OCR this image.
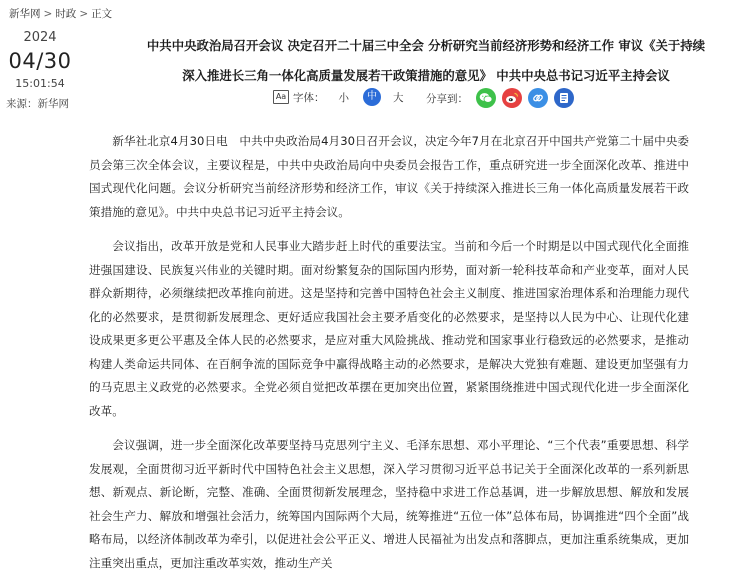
新华网 > 时政 > 正文
2024
04/30
15:01:54
来源：新华网
中共中央政治局召开会议 决定召开二十届三中全会 分析研究当前经济形势和经济工作 审议《关于持续
深入推进长三角一体化高质量发展若干政策措施的意见》 中共中央总书记习近平主持会议
Aa 字体： 小	中	大 分享到：

新华社北京4月30日电　中共中央政治局4月30日召开会议，决定今年7月在北京召开中国共产党第二十届中央委员会第三次全体会议，主要议程是，中共中央政治局向中央委员会报告工作，重点研究进一步全面深化改革、推进中国式现代化问题。会议分析研究当前经济形势和经济工作，审议《关于持续深入推进长三角一体化高质量发展若干政策措施的意见》。中共中央总书记习近平主持会议。

会议指出，改革开放是党和人民事业大踏步赶上时代的重要法宝。当前和今后一个时期是以中国式现代化全面推进强国建设、民族复兴伟业的关键时期。面对纷繁复杂的国际国内形势，面对新一轮科技革命和产业变革，面对人民群众新期待，必须继续把改革推向前进。这是坚持和完善中国特色社会主义制度、推进国家治理体系和治理能力现代化的必然要求，是贯彻新发展理念、更好适应我国社会主要矛盾变化的必然要求，是坚持以人民为中心、让现代化建设成果更多更公平惠及全体人民的必然要求，是应对重大风险挑战、推动党和国家事业行稳致远的必然要求，是推动构建人类命运共同体、在百舸争流的国际竞争中赢得战略主动的必然要求，是解决大党独有难题、建设更加坚强有力的马克思主义政党的必然要求。全党必须自觉把改革摆在更加突出位置，紧紧围绕推进中国式现代化进一步全面深化改革。

会议强调，进一步全面深化改革要坚持马克思列宁主义、毛泽东思想、邓小平理论、“三个代表”重要思想、科学发展观，全面贯彻习近平新时代中国特色社会主义思想，深入学习贯彻习近平总书记关于全面深化改革的一系列新思想、新观点、新论断，完整、准确、全面贯彻新发展理念，坚持稳中求进工作总基调，进一步解放思想、解放和发展社会生产力、解放和增强社会活力，统筹国内国际两个大局，统筹推进“五位一体”总体布局，协调推进“四个全面”战略布局，以经济体制改革为牵引，以促进社会公平正义、增进人民福祉为出发点和落脚点，更加注重系统集成，更加注重突出重点，更加注重改革实效，推动生产关
